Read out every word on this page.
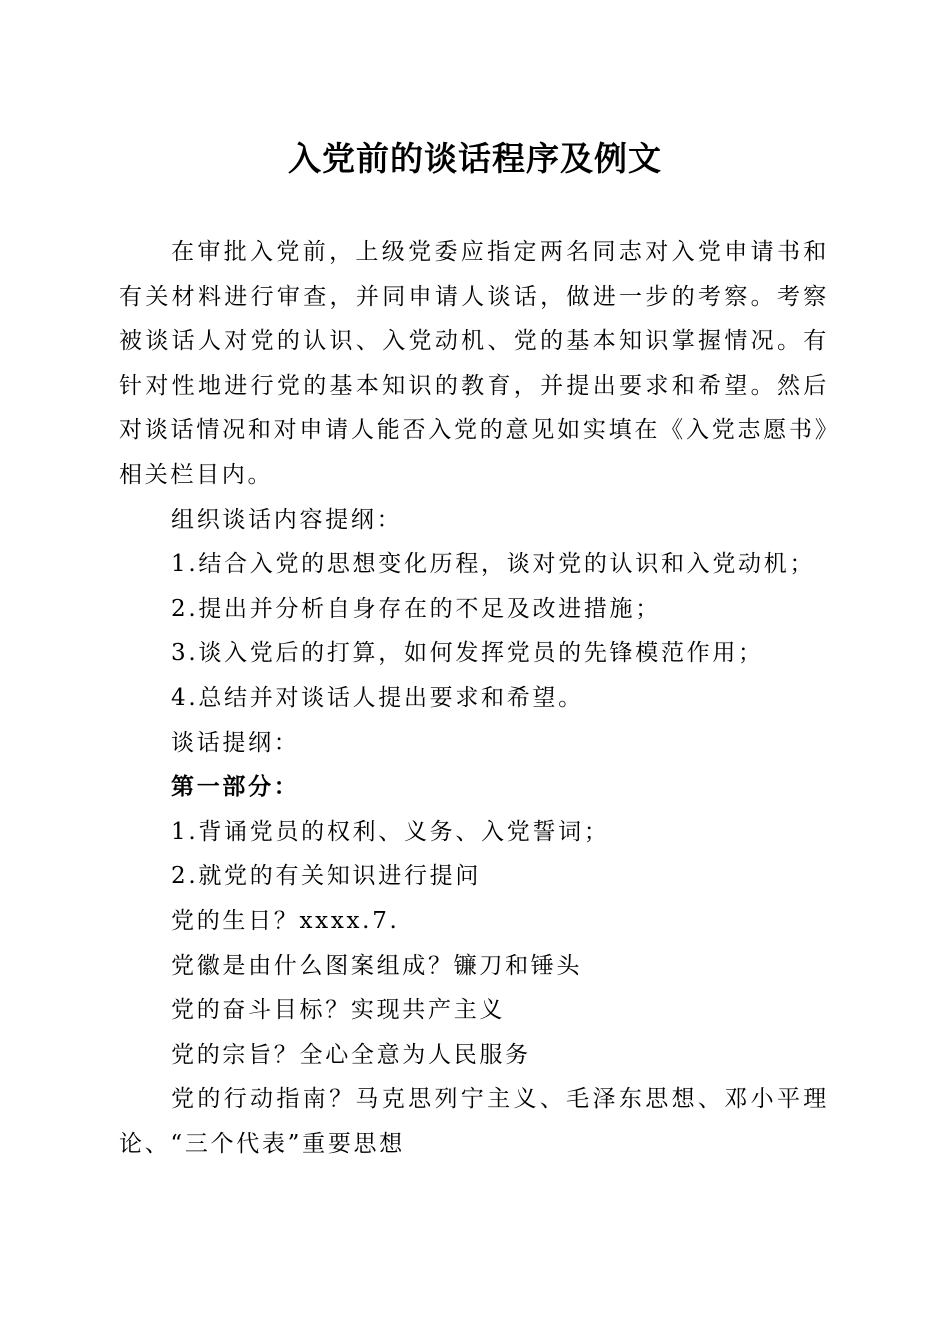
入党前的谈话程序及例文

在审批入党前，上级党委应指定两名同志对入党申请书和有关材料进行审查，并同申请人谈话，做进一步的考察。考察被谈话人对党的认识、入党动机、党的基本知识掌握情况。有针对性地进行党的基本知识的教育，并提出要求和希望。然后对谈话情况和对申请人能否入党的意见如实填在《入党志愿书》相关栏目内。

组织谈话内容提纲：

1.结合入党的思想变化历程，谈对党的认识和入党动机；

2.提出并分析自身存在的不足及改进措施；

3.谈入党后的打算，如何发挥党员的先锋模范作用；

4.总结并对谈话人提出要求和希望。

谈话提纲：

第一部分：

1.背诵党员的权利、义务、入党誓词；

2.就党的有关知识进行提问

党的生日？xxxx.7.

党徽是由什么图案组成？镰刀和锤头

党的奋斗目标？实现共产主义

党的宗旨？全心全意为人民服务

党的行动指南？马克思列宁主义、毛泽东思想、邓小平理论、“三个代表”重要思想
